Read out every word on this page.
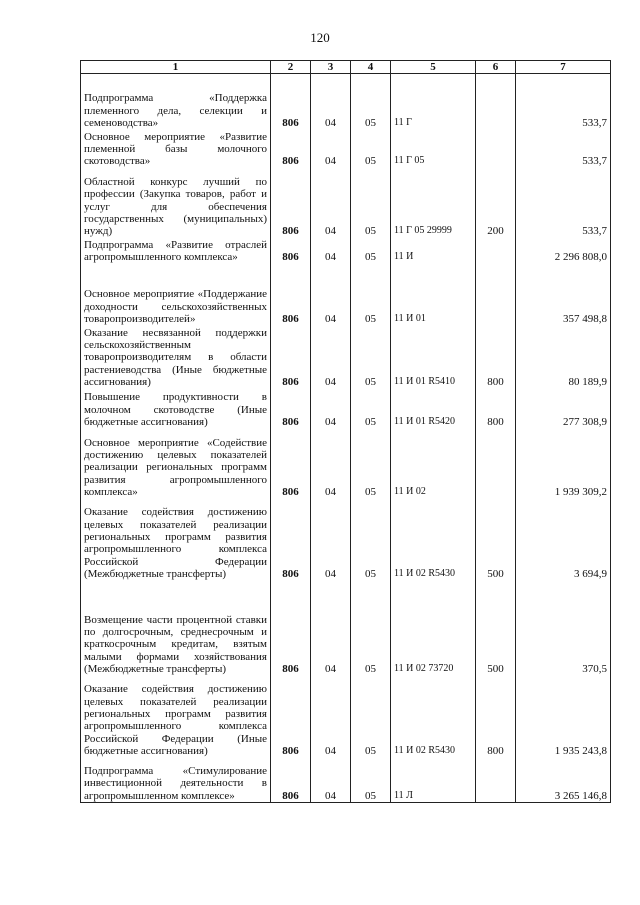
120
1	2	3	4	5	6	7
Подпрограмма «Поддержка племенного дела, селекции и семеноводства»	806	04	05	11 Г		533,7
Основное мероприятие «Развитие племенной базы молочного скотоводства»	806	04	05	11 Г 05		533,7
Областной конкурс лучший по профессии (Закупка товаров, работ и услуг для обеспечения государственных (муниципальных) нужд)	806	04	05	11 Г 05 29999	200	533,7
Подпрограмма «Развитие отраслей агропромышленного комплекса»	806	04	05	11 И		2 296 808,0
Основное мероприятие «Поддержание доходности сельскохозяйственных товаропроизводителей»	806	04	05	11 И 01		357 498,8
Оказание несвязанной поддержки сельскохозяйственным товаропроизводителям в области растениеводства (Иные бюджетные ассигнования)	806	04	05	11 И 01 R5410	800	80 189,9
Повышение продуктивности в молочном скотоводстве (Иные бюджетные ассигнования)	806	04	05	11 И 01 R5420	800	277 308,9
Основное мероприятие «Содействие достижению целевых показателей реализации региональных программ развития агропромышленного комплекса»	806	04	05	11 И 02		1 939 309,2
Оказание содействия достижению целевых показателей реализации региональных программ развития агропромышленного комплекса Российской Федерации (Межбюджетные трансферты)	806	04	05	11 И 02 R5430	500	3 694,9
Возмещение части процентной ставки по долгосрочным, среднесрочным и краткосрочным кредитам, взятым малыми формами хозяйствования (Межбюджетные трансферты)	806	04	05	11 И 02 73720	500	370,5
Оказание содействия достижению целевых показателей реализации региональных программ развития агропромышленного комплекса Российской Федерации (Иные бюджетные ассигнования)	806	04	05	11 И 02 R5430	800	1 935 243,8
Подпрограмма «Стимулирование инвестиционной деятельности в агропромышленном комплексе»	806	04	05	11 Л		3 265 146,8
